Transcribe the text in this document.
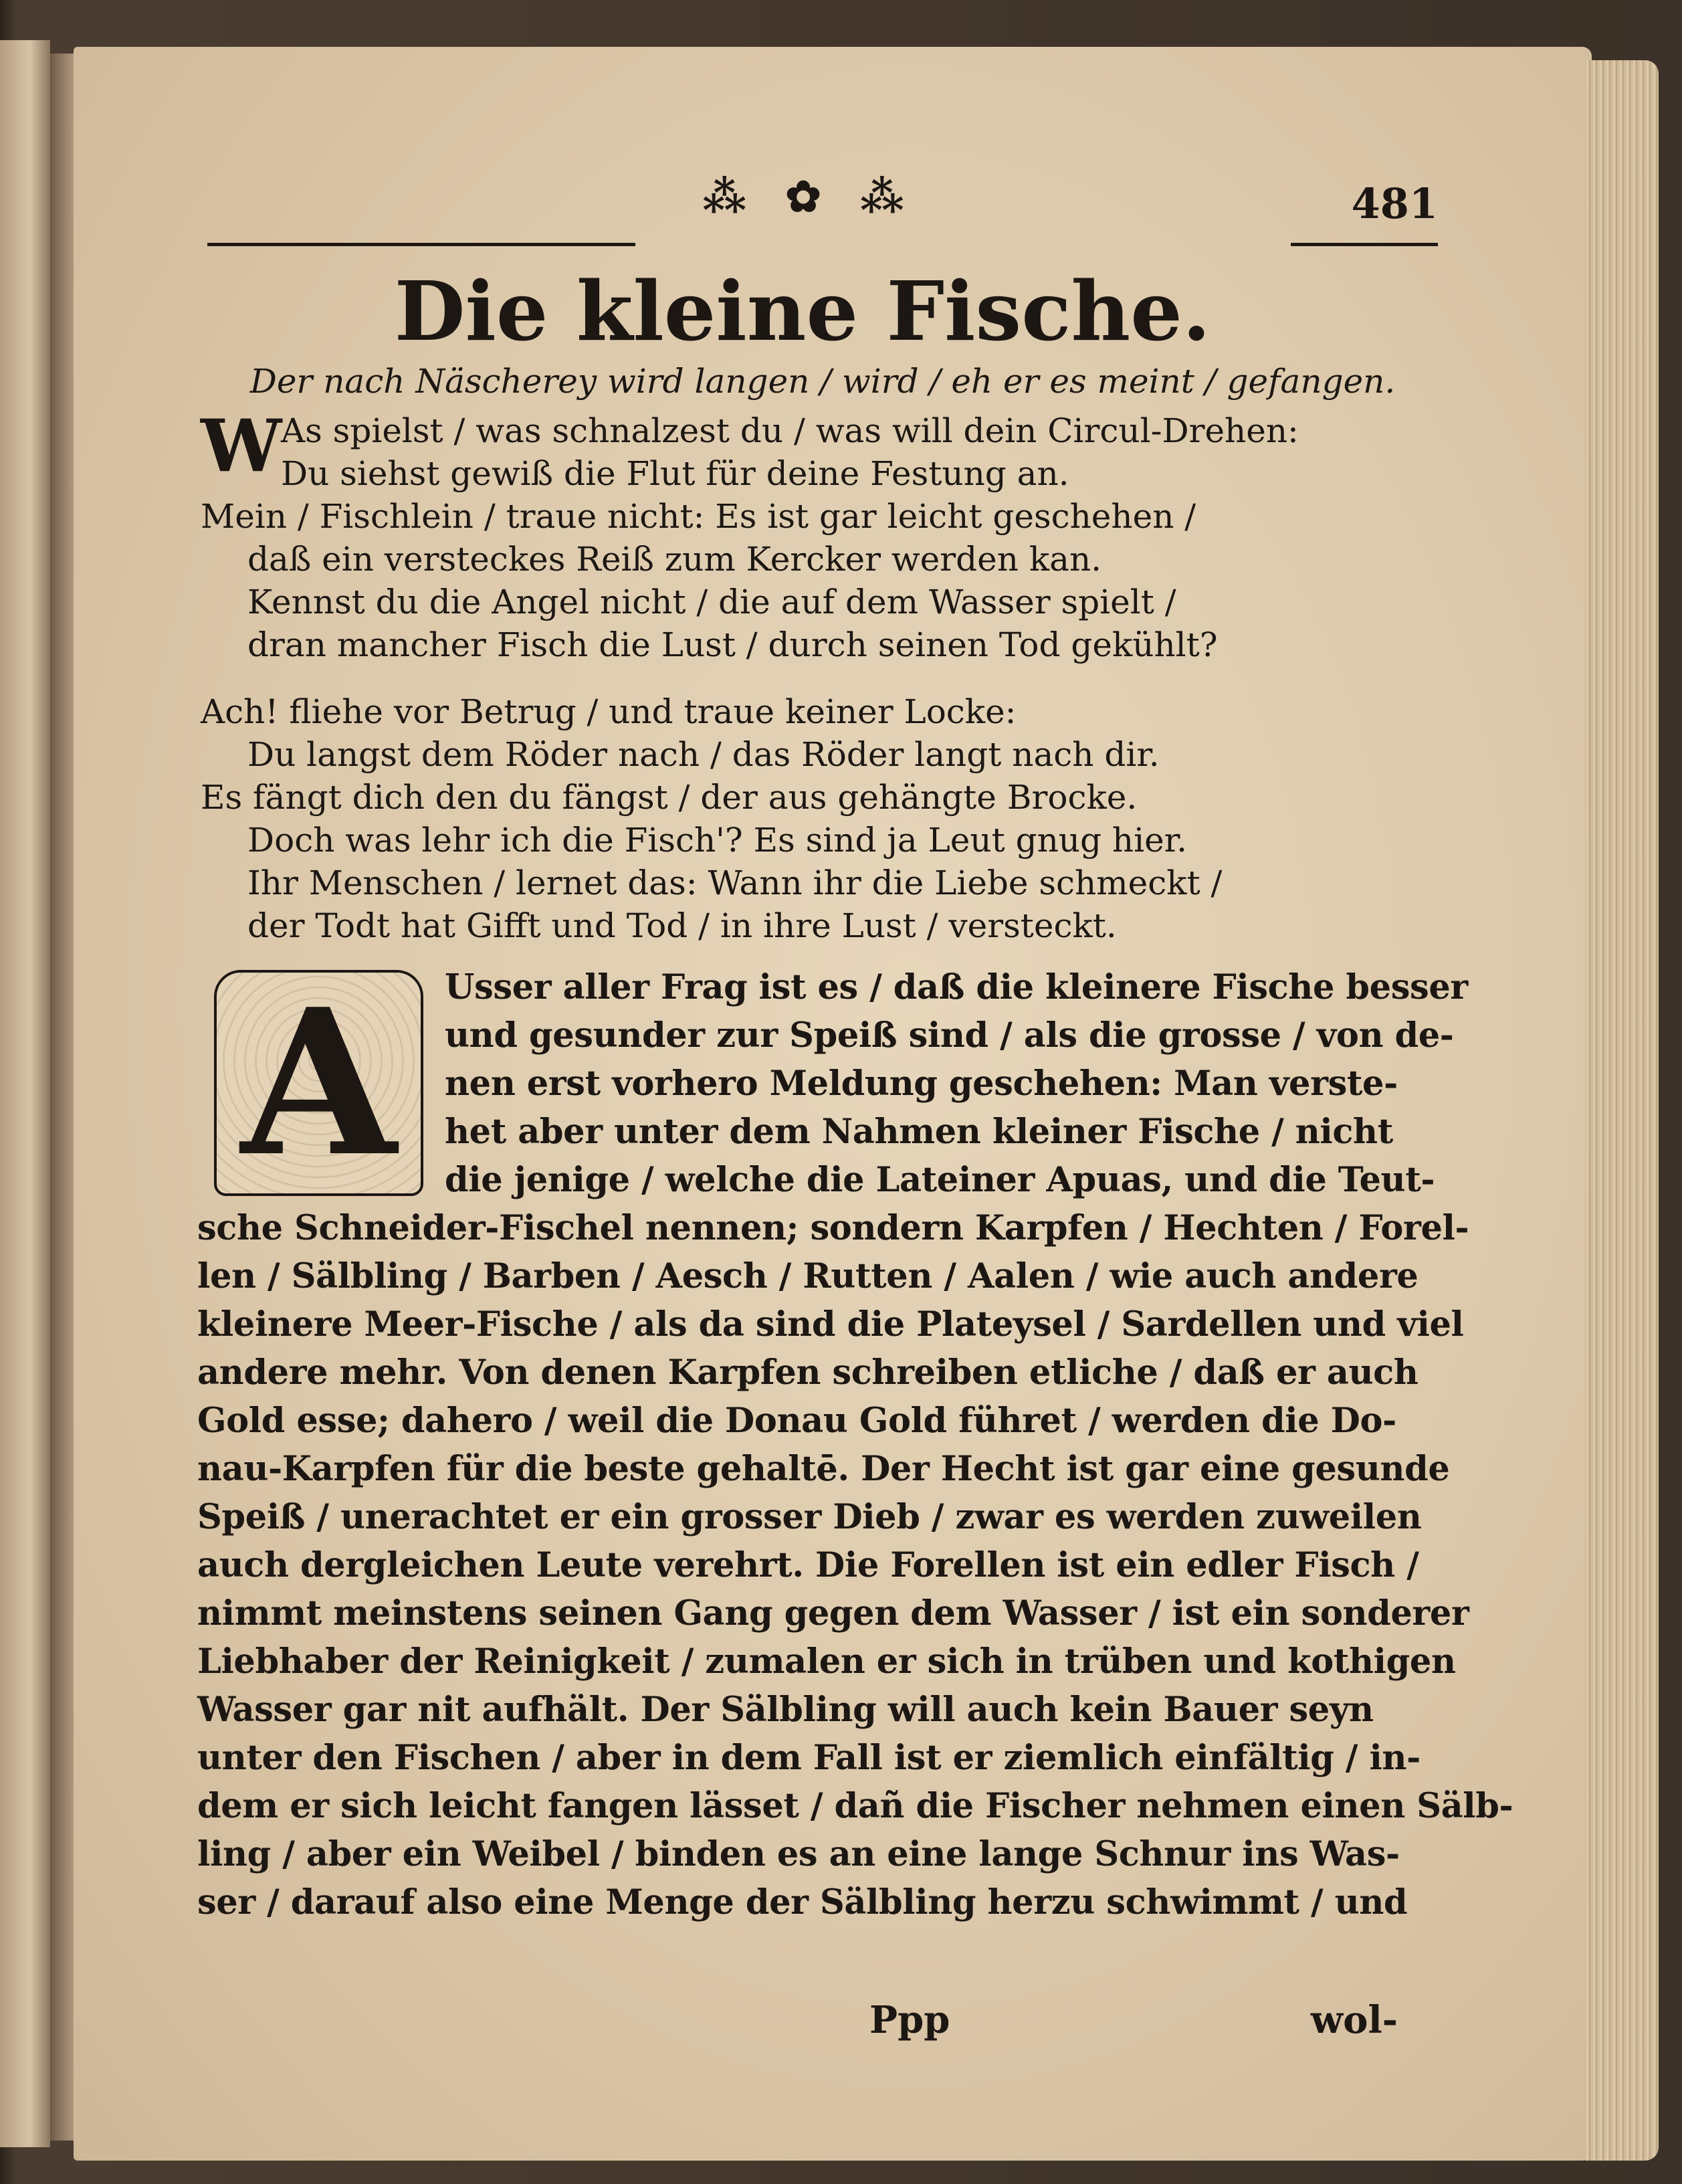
⁂ ✿ ⁂	481
Die kleine Fische.
Der nach Näscherey wird langen / wird / eh er es meint / gefangen.
W
As spielst / was schnalzest du / was will dein Circul-Drehen:
Du siehst gewiß die Flut für deine Festung an.
Mein / Fischlein / traue nicht: Es ist gar leicht geschehen /
daß ein versteckes Reiß zum Kercker werden kan.
Kennst du die Angel nicht / die auf dem Wasser spielt /
dran mancher Fisch die Lust / durch seinen Tod gekühlt?
Ach! fliehe vor Betrug / und traue keiner Locke:
Du langst dem Röder nach / das Röder langt nach dir.
Es fängt dich den du fängst / der aus gehängte Brocke.
Doch was lehr ich die Fisch'? Es sind ja Leut gnug hier.
Ihr Menschen / lernet das: Wann ihr die Liebe schmeckt /
der Todt hat Gifft und Tod / in ihre Lust / versteckt.
A	Usser aller Frag ist es / daß die kleinere Fische besser
und gesunder zur Speiß sind / als die grosse / von de-
nen erst vorhero Meldung geschehen: Man verste-
het aber unter dem Nahmen kleiner Fische / nicht
die jenige / welche die Lateiner Apuas, und die Teut-
sche Schneider-Fischel nennen; sondern Karpfen / Hechten / Forel-
len / Sälbling / Barben / Aesch / Rutten / Aalen / wie auch andere
kleinere Meer-Fische / als da sind die Plateysel / Sardellen und viel
andere mehr. Von denen Karpfen schreiben etliche / daß er auch
Gold esse; dahero / weil die Donau Gold führet / werden die Do-
nau-Karpfen für die beste gehaltē. Der Hecht ist gar eine gesunde
Speiß / unerachtet er ein grosser Dieb / zwar es werden zuweilen
auch dergleichen Leute verehrt. Die Forellen ist ein edler Fisch /
nimmt meinstens seinen Gang gegen dem Wasser / ist ein sonderer
Liebhaber der Reinigkeit / zumalen er sich in trüben und kothigen
Wasser gar nit aufhält. Der Sälbling will auch kein Bauer seyn
unter den Fischen / aber in dem Fall ist er ziemlich einfältig / in-
dem er sich leicht fangen lässet / dañ die Fischer nehmen einen Sälb-
ling / aber ein Weibel / binden es an eine lange Schnur ins Was-
ser / darauf also eine Menge der Sälbling herzu schwimmt / und
Ppp	wol-
